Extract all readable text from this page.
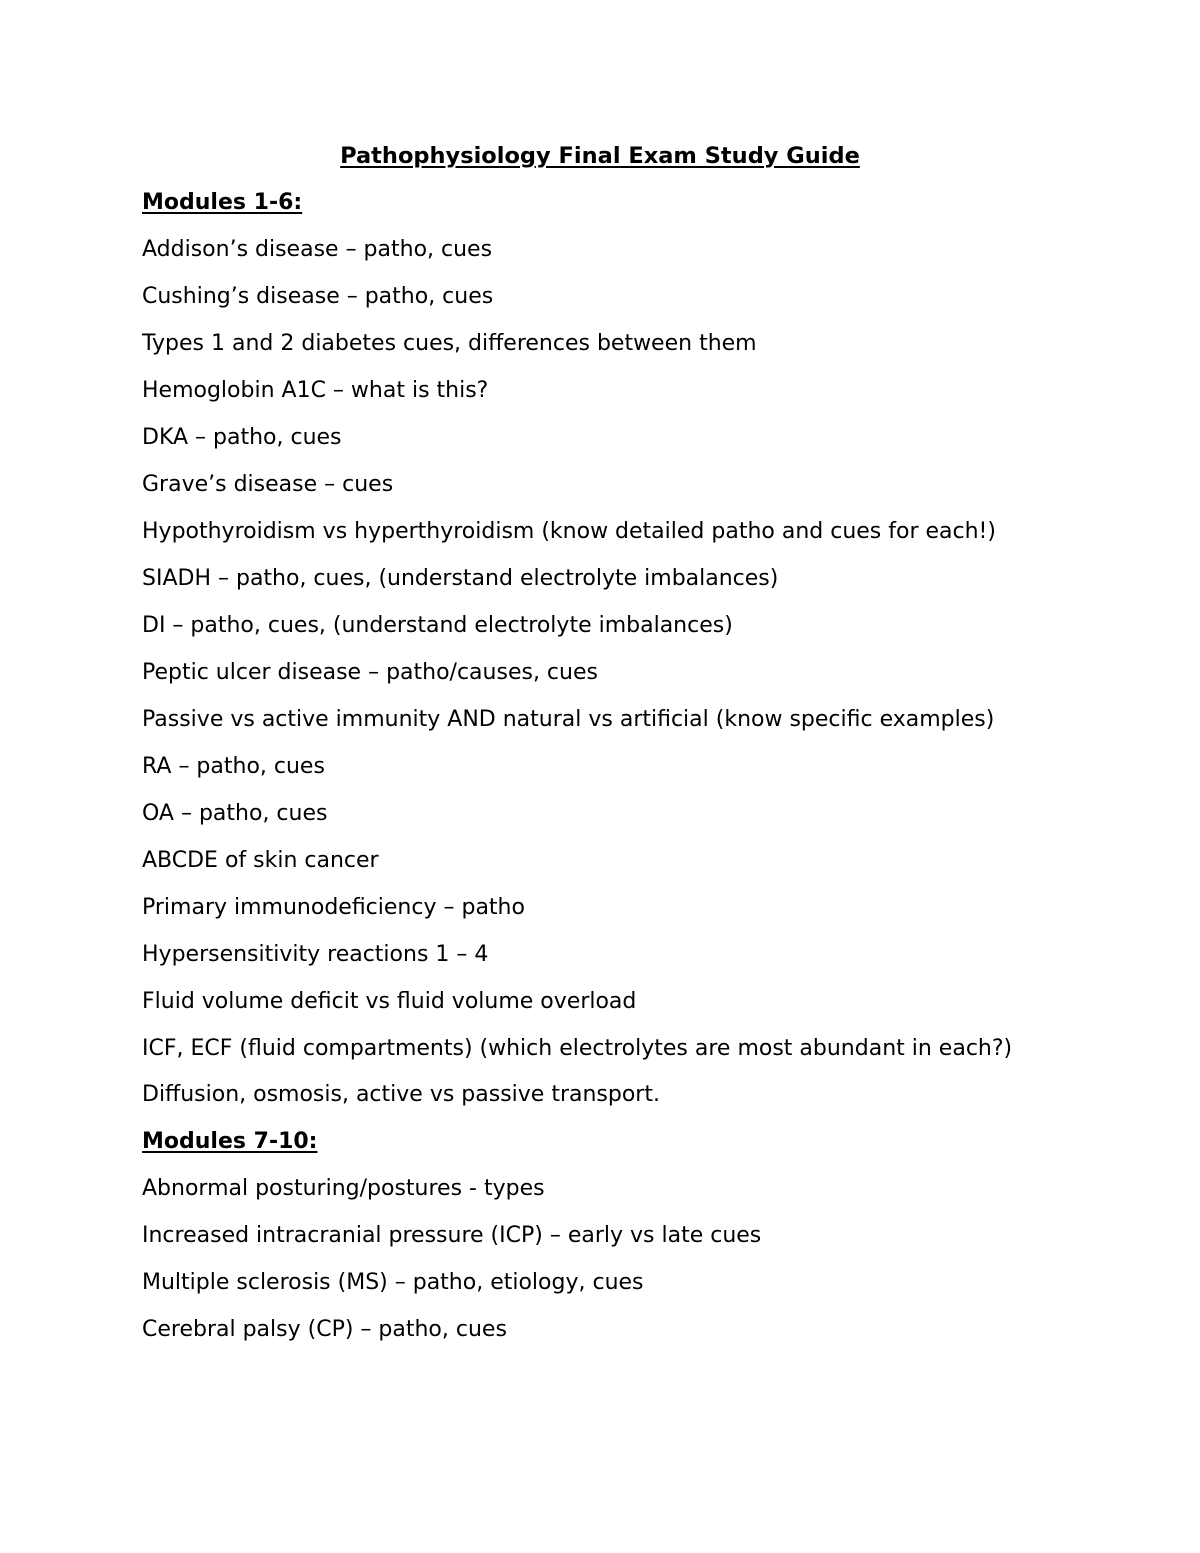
Pathophysiology Final Exam Study Guide
Modules 1-6:
Addison’s disease – patho, cues
Cushing’s disease – patho, cues
Types 1 and 2 diabetes cues, differences between them
Hemoglobin A1C – what is this?
DKA – patho, cues
Grave’s disease – cues
Hypothyroidism vs hyperthyroidism (know detailed patho and cues for each!)
SIADH – patho, cues, (understand electrolyte imbalances)
DI – patho, cues, (understand electrolyte imbalances)
Peptic ulcer disease – patho/causes, cues
Passive vs active immunity AND natural vs artificial (know specific examples)
RA – patho, cues
OA – patho, cues
ABCDE of skin cancer
Primary immunodeficiency – patho
Hypersensitivity reactions 1 – 4
Fluid volume deficit vs fluid volume overload
ICF, ECF (fluid compartments) (which electrolytes are most abundant in each?)
Diffusion, osmosis, active vs passive transport.
Modules 7-10:
Abnormal posturing/postures - types
Increased intracranial pressure (ICP) – early vs late cues
Multiple sclerosis (MS) – patho, etiology, cues
Cerebral palsy (CP) – patho, cues
